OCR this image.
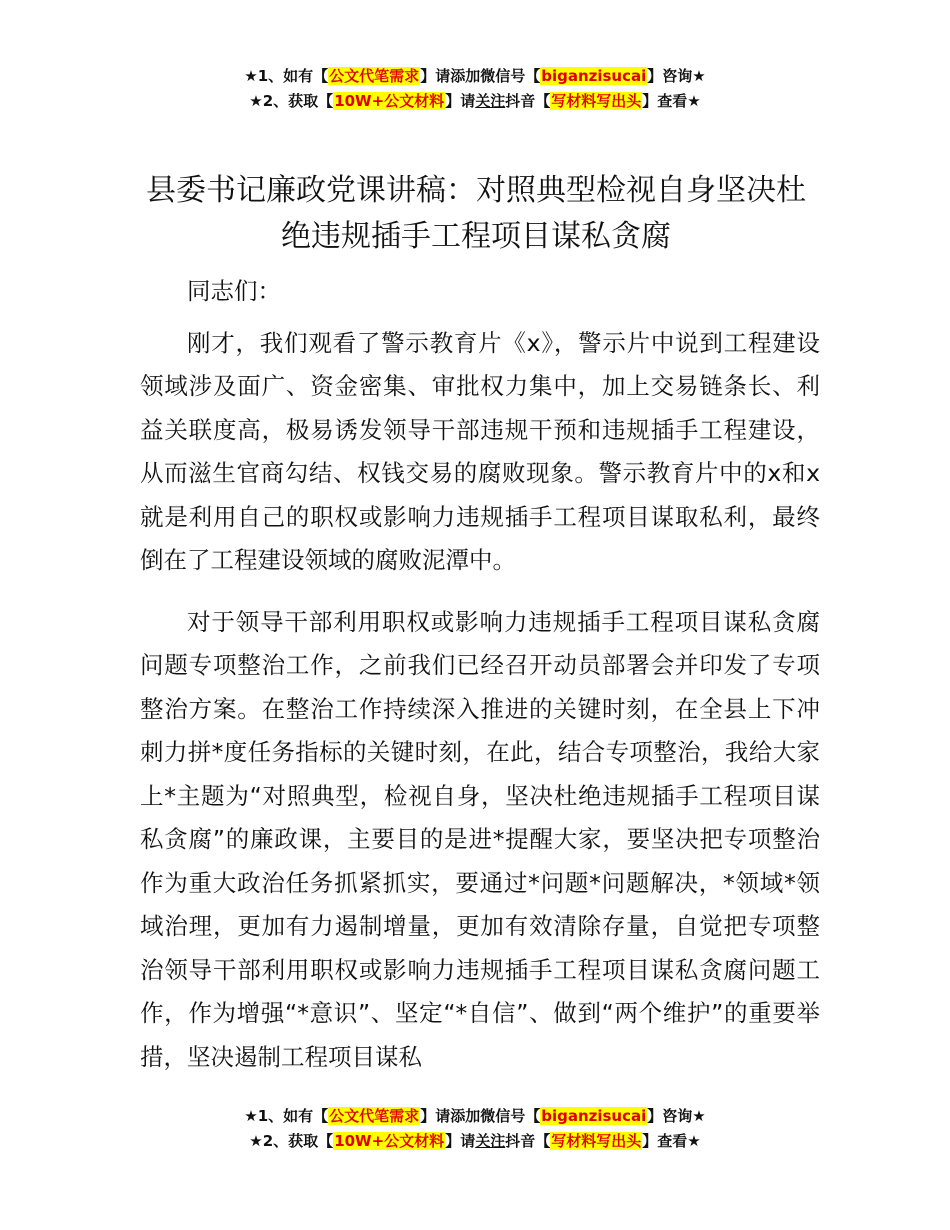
★1、如有【公文代笔需求】请添加微信号【biganzisucai】咨询★
★2、获取【10W+公文材料】请关注抖音【写材料写出头】查看★
县委书记廉政党课讲稿：对照典型检视自身坚决杜绝违规插手工程项目谋私贪腐

同志们：

刚才，我们观看了警示教育片《x》，警示片中说到工程建设领域涉及面广、资金密集、审批权力集中，加上交易链条长、利益关联度高，极易诱发领导干部违规干预和违规插手工程建设，从而滋生官商勾结、权钱交易的腐败现象。警示教育片中的x和x就是利用自己的职权或影响力违规插手工程项目谋取私利，最终倒在了工程建设领域的腐败泥潭中。

对于领导干部利用职权或影响力违规插手工程项目谋私贪腐问题专项整治工作，之前我们已经召开动员部署会并印发了专项整治方案。在整治工作持续深入推进的关键时刻，在全县上下冲刺力拼*度任务指标的关键时刻，在此，结合专项整治，我给大家上*主题为“对照典型，检视自身，坚决杜绝违规插手工程项目谋私贪腐”的廉政课，主要目的是进*提醒大家，要坚决把专项整治作为重大政治任务抓紧抓实，要通过*问题*问题解决，*领域*领域治理，更加有力遏制增量，更加有效清除存量，自觉把专项整治领导干部利用职权或影响力违规插手工程项目谋私贪腐问题工作，作为增强“*意识”、坚定“*自信”、做到“两个维护”的重要举措，坚决遏制工程项目谋私

★1、如有【公文代笔需求】请添加微信号【biganzisucai】咨询★
★2、获取【10W+公文材料】请关注抖音【写材料写出头】查看★
